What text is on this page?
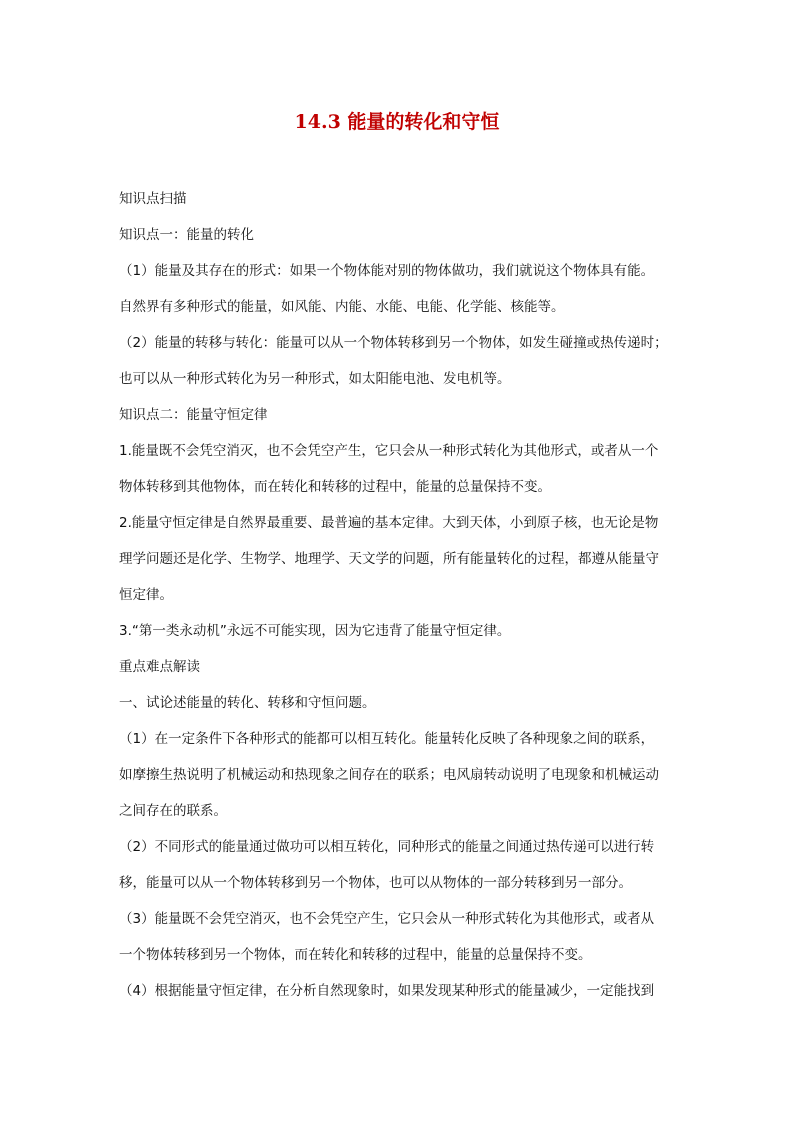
14.3 能量的转化和守恒
知识点扫描
知识点一：能量的转化
（1）能量及其存在的形式：如果一个物体能对别的物体做功，我们就说这个物体具有能。
自然界有多种形式的能量，如风能、内能、水能、电能、化学能、核能等。
（2）能量的转移与转化：能量可以从一个物体转移到另一个物体，如发生碰撞或热传递时；
也可以从一种形式转化为另一种形式，如太阳能电池、发电机等。
知识点二：能量守恒定律
1.能量既不会凭空消灭，也不会凭空产生，它只会从一种形式转化为其他形式，或者从一个
物体转移到其他物体，而在转化和转移的过程中，能量的总量保持不变。
2.能量守恒定律是自然界最重要、最普遍的基本定律。大到天体，小到原子核，也无论是物
理学问题还是化学、生物学、地理学、天文学的问题，所有能量转化的过程，都遵从能量守
恒定律。
3.“第一类永动机”永远不可能实现，因为它违背了能量守恒定律。
重点难点解读
一、试论述能量的转化、转移和守恒问题。
（1）在一定条件下各种形式的能都可以相互转化。能量转化反映了各种现象之间的联系，
如摩擦生热说明了机械运动和热现象之间存在的联系；电风扇转动说明了电现象和机械运动
之间存在的联系。
（2）不同形式的能量通过做功可以相互转化，同种形式的能量之间通过热传递可以进行转
移，能量可以从一个物体转移到另一个物体，也可以从物体的一部分转移到另一部分。
（3）能量既不会凭空消灭，也不会凭空产生，它只会从一种形式转化为其他形式，或者从
一个物体转移到另一个物体，而在转化和转移的过程中，能量的总量保持不变。
（4）根据能量守恒定律，在分析自然现象时，如果发现某种形式的能量减少，一定能找到
